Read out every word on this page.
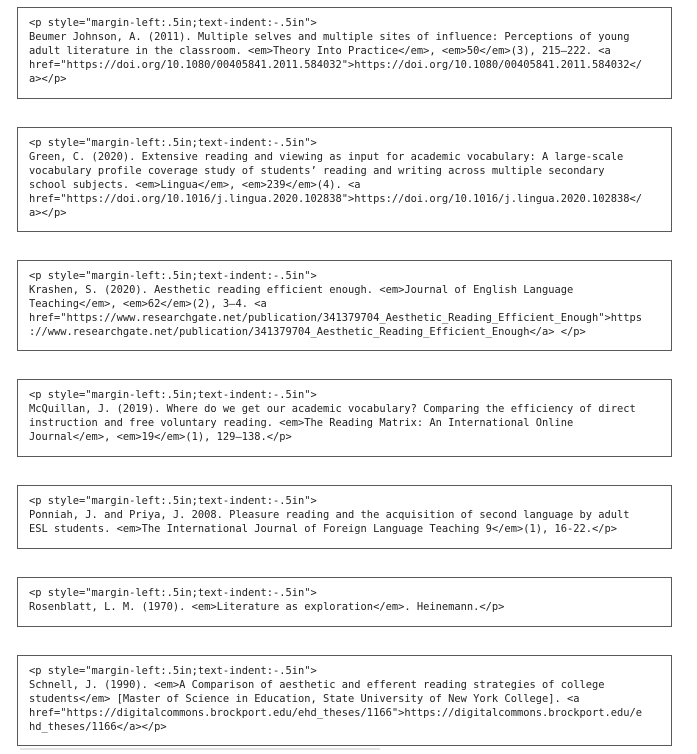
<p style="margin-left:.5in;text-indent:-.5in">
Beumer Johnson, A. (2011). Multiple selves and multiple sites of influence: Perceptions of young
adult literature in the classroom. <em>Theory Into Practice</em>, <em>50</em>(3), 215–222. <a
href="https://doi.org/10.1080/00405841.2011.584032">https://doi.org/10.1080/00405841.2011.584032</
a></p>
<p style="margin-left:.5in;text-indent:-.5in">
Green, C. (2020). Extensive reading and viewing as input for academic vocabulary: A large-scale
vocabulary profile coverage study of students’ reading and writing across multiple secondary
school subjects. <em>Lingua</em>, <em>239</em>(4). <a
href="https://doi.org/10.1016/j.lingua.2020.102838">https://doi.org/10.1016/j.lingua.2020.102838</
a></p>
<p style="margin-left:.5in;text-indent:-.5in">
Krashen, S. (2020). Aesthetic reading efficient enough. <em>Journal of English Language
Teaching</em>, <em>62</em>(2), 3–4. <a
href="https://www.researchgate.net/publication/341379704_Aesthetic_Reading_Efficient_Enough">https
://www.researchgate.net/publication/341379704_Aesthetic_Reading_Efficient_Enough</a> </p>
<p style="margin-left:.5in;text-indent:-.5in">
McQuillan, J. (2019). Where do we get our academic vocabulary? Comparing the efficiency of direct
instruction and free voluntary reading. <em>The Reading Matrix: An International Online
Journal</em>, <em>19</em>(1), 129–138.</p>
<p style="margin-left:.5in;text-indent:-.5in">
Ponniah, J. and Priya, J. 2008. Pleasure reading and the acquisition of second language by adult
ESL students. <em>The International Journal of Foreign Language Teaching 9</em>(1), 16-22.</p>
<p style="margin-left:.5in;text-indent:-.5in">
Rosenblatt, L. M. (1970). <em>Literature as exploration</em>. Heinemann.</p>
<p style="margin-left:.5in;text-indent:-.5in">
Schnell, J. (1990). <em>A Comparison of aesthetic and efferent reading strategies of college
students</em> [Master of Science in Education, State University of New York College]. <a
href="https://digitalcommons.brockport.edu/ehd_theses/1166">https://digitalcommons.brockport.edu/e
hd_theses/1166</a></p>
